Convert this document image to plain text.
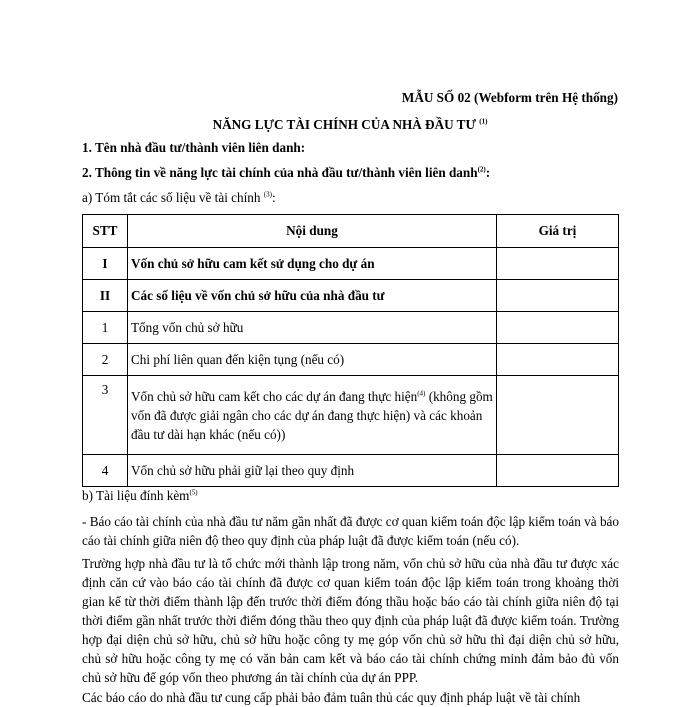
MẪU SỐ 02 (Webform trên Hệ thống)
NĂNG LỰC TÀI CHÍNH CỦA NHÀ ĐẦU TƯ $^{(1)}$
1. Tên nhà đầu tư/thành viên liên danh:
2. Thông tin về năng lực tài chính của nhà đầu tư/thành viên liên danh$^{(2)}$:
a) Tóm tắt các số liệu về tài chính $^{(3)}$:
STT	Nội dung	Giá trị
I	Vốn chủ sở hữu cam kết sử dụng cho dự án	
II	Các số liệu về vốn chủ sở hữu của nhà đầu tư	
1	Tổng vốn chủ sở hữu	
2	Chi phí liên quan đến kiện tụng (nếu có)	
3	Vốn chủ sở hữu cam kết cho các dự án đang thực hiện$^{(4)}$ (không gồm vốn đã được giải ngân cho các dự án đang thực hiện) và các khoản đầu tư dài hạn khác (nếu có))	
4	Vốn chủ sở hữu phải giữ lại theo quy định	
b) Tài liệu đính kèm$^{(5)}$
- Báo cáo tài chính của nhà đầu tư năm gần nhất đã được cơ quan kiểm toán độc lập kiểm toán và báo cáo tài chính giữa niên độ theo quy định của pháp luật đã được kiểm toán (nếu có).
Trường hợp nhà đầu tư là tổ chức mới thành lập trong năm, vốn chủ sở hữu của nhà đầu tư được xác định căn cứ vào báo cáo tài chính đã được cơ quan kiểm toán độc lập kiểm toán trong khoảng thời gian kể từ thời điểm thành lập đến trước thời điểm đóng thầu hoặc báo cáo tài chính giữa niên độ tại thời điểm gần nhất trước thời điểm đóng thầu theo quy định của pháp luật đã được kiểm toán. Trường hợp đại diện chủ sở hữu, chủ sở hữu hoặc công ty mẹ góp vốn chủ sở hữu thì đại diện chủ sở hữu, chủ sở hữu hoặc công ty mẹ có văn bản cam kết và báo cáo tài chính chứng minh đảm bảo đủ vốn chủ sở hữu để góp vốn theo phương án tài chính của dự án PPP.
Các báo cáo do nhà đầu tư cung cấp phải bảo đảm tuân thủ các quy định pháp luật về tài chính
